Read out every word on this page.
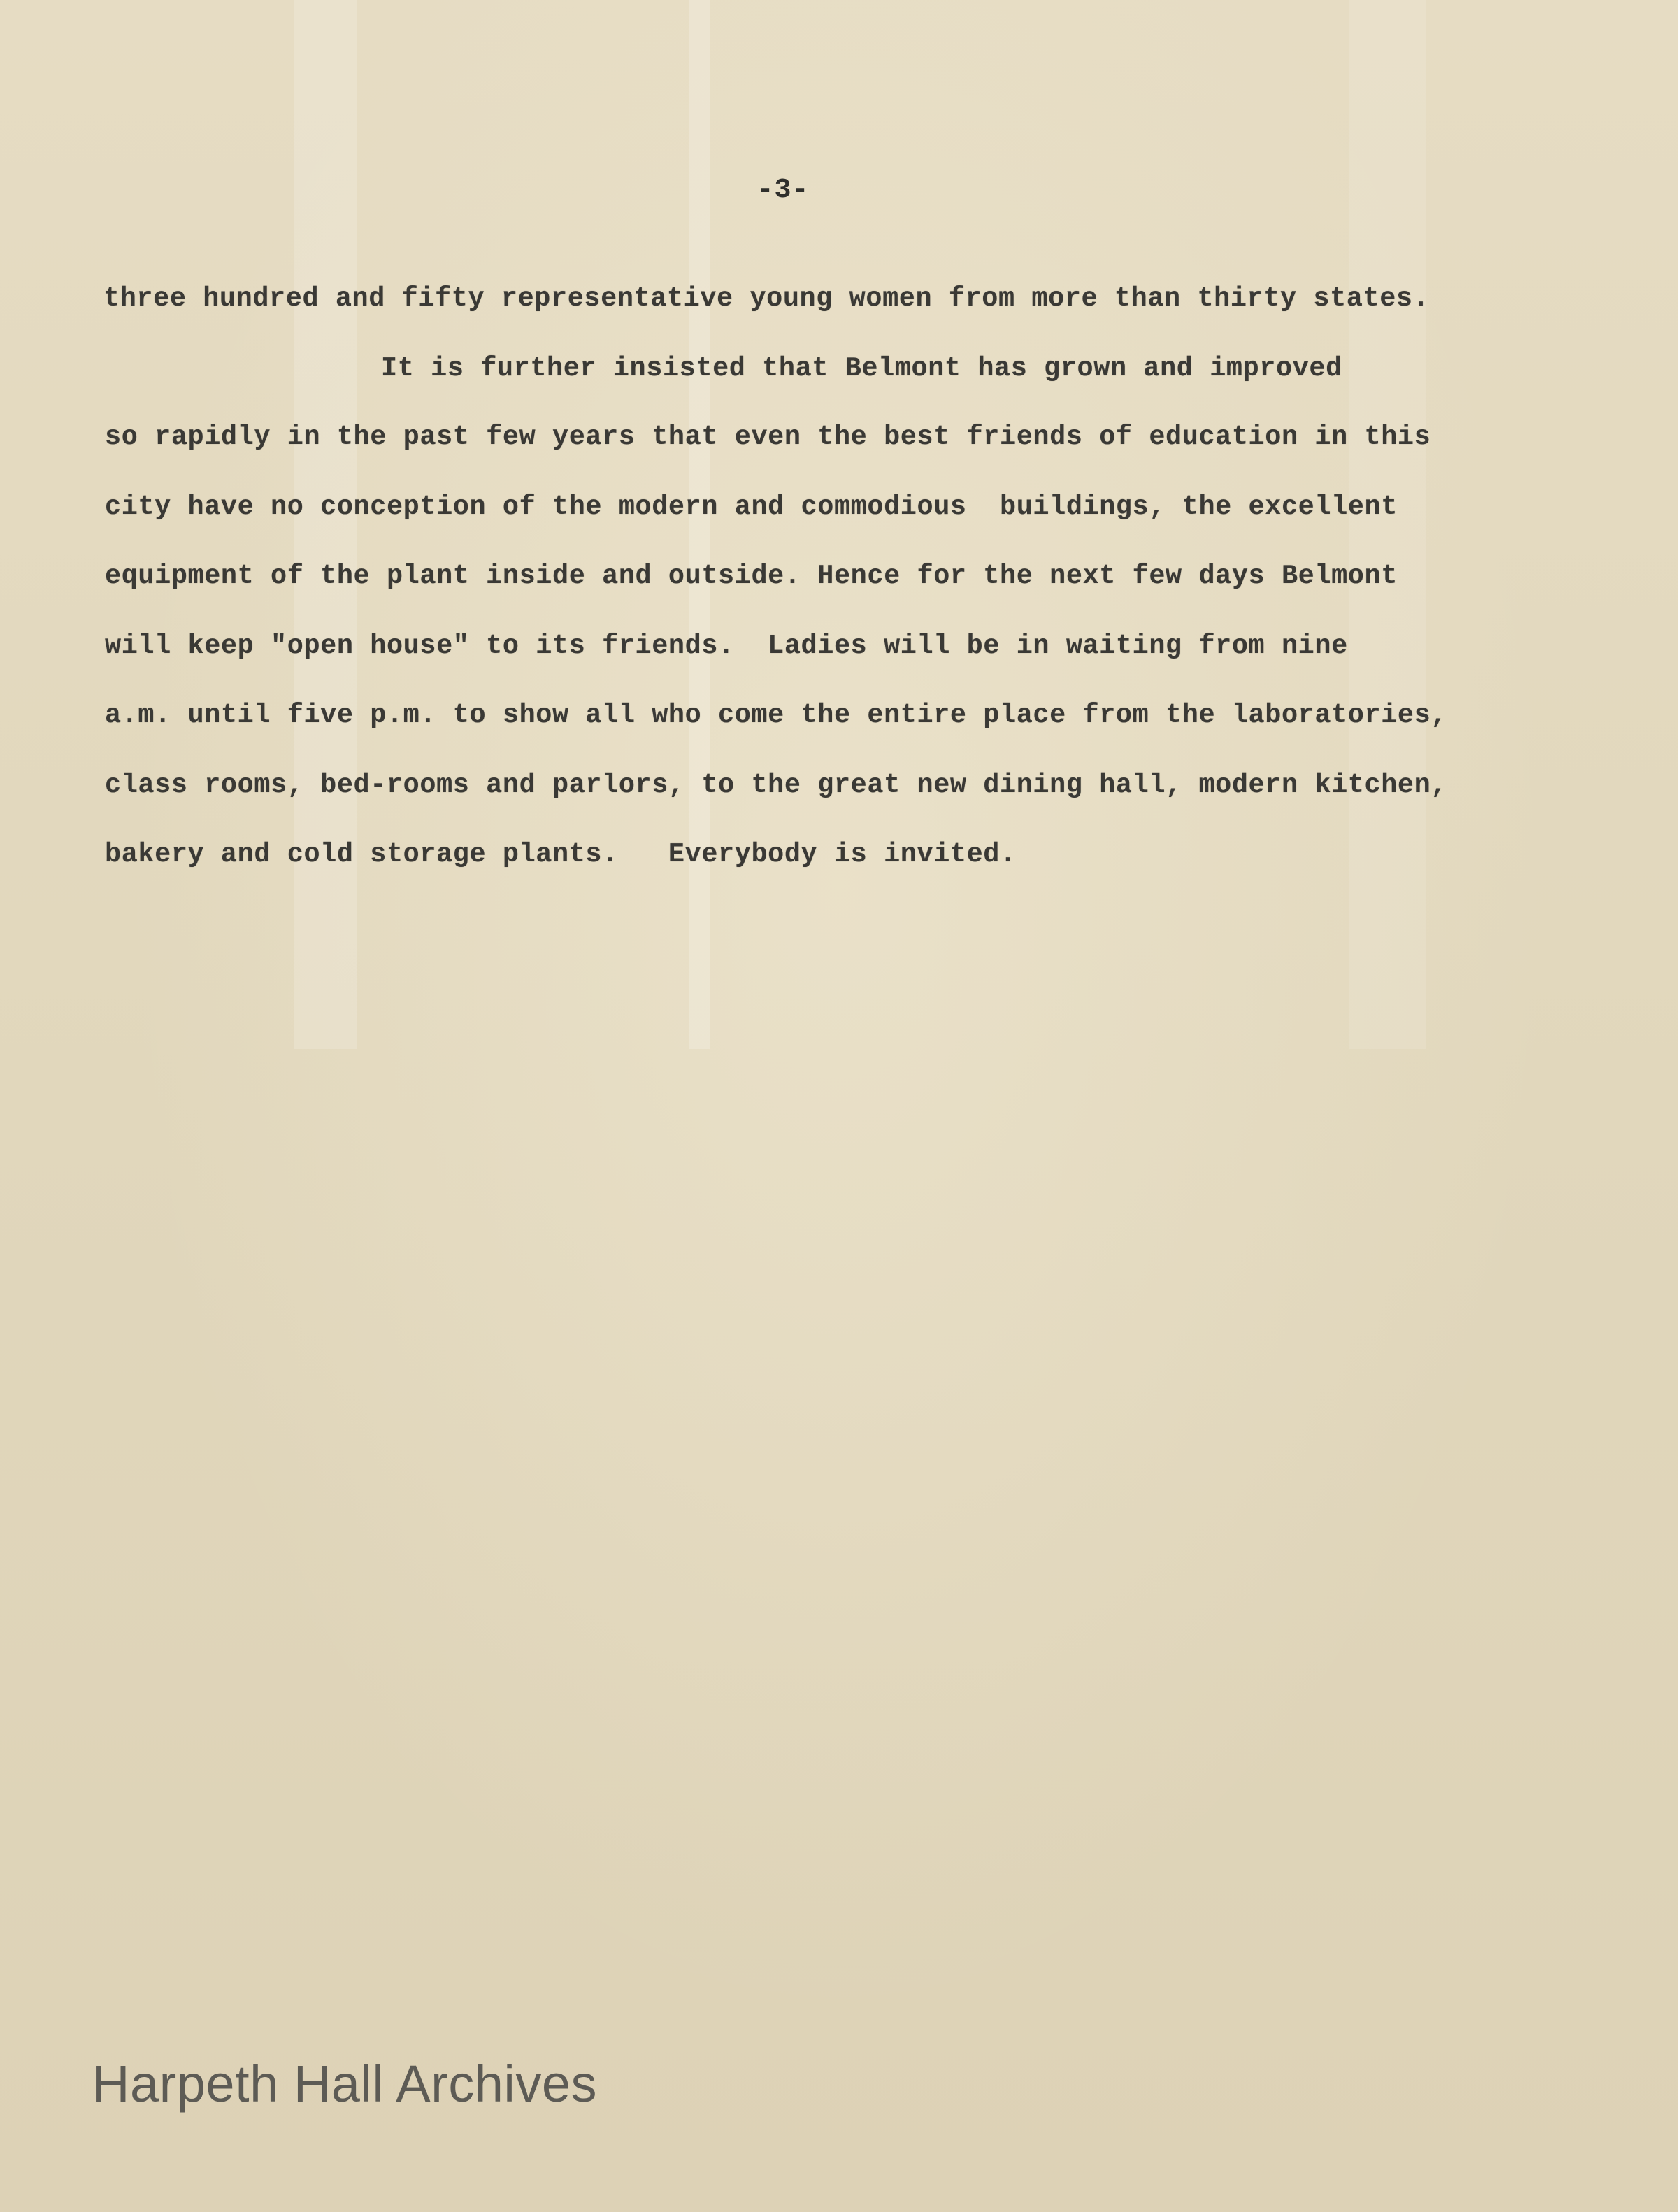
-3-
three hundred and fifty representative young women from more than thirty states.
It is further insisted that Belmont has grown and improved
so rapidly in the past few years that even the best friends of education in this
city have no conception of the modern and commodious  buildings, the excellent
equipment of the plant inside and outside. Hence for the next few days Belmont
will keep "open house" to its friends.  Ladies will be in waiting from nine
a.m. until five p.m. to show all who come the entire place from the laboratories,
class rooms, bed-rooms and parlors, to the great new dining hall, modern kitchen,
bakery and cold storage plants.   Everybody is invited.
Harpeth Hall Archives
